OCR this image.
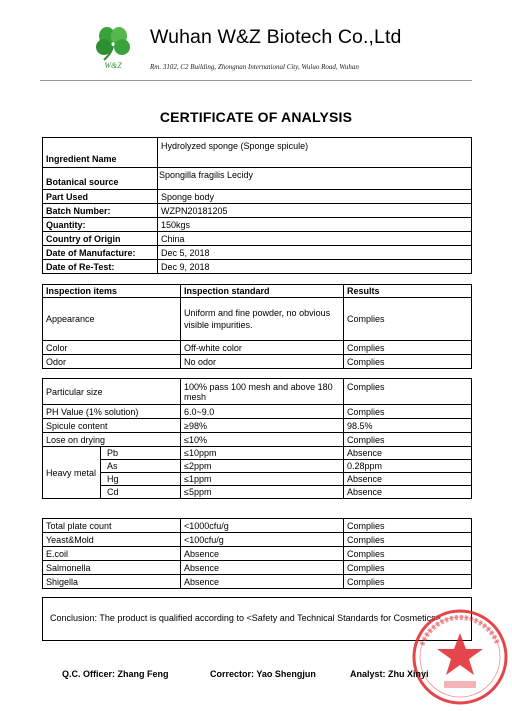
W&Z
Wuhan W&Z Biotech Co.,Ltd
Rm. 3102, C2 Building, Zhongnan International City, Wuluo Road, Wuhan
CERTIFICATE OF ANALYSIS
Ingredient Name	Hydrolyzed sponge (Sponge spicule)
Botanical source	Spongilla fragilis Lecidy
Part Used	Sponge body
Batch Number:	WZPN20181205
Quantity:	150kgs
Country of Origin	China
Date of Manufacture:	Dec 5, 2018
Date of Re-Test:	Dec 9, 2018
Inspection items	Inspection standard	Results
Appearance	Uniform and fine powder, no obvious visible impurities.	Complies
Color	Off-white color	Complies
Odor	No odor	Complies
Particular size		100% pass 100 mesh and above 180 mesh	Complies
PH Value (1% solution)		6.0~9.0	Complies
Spicule content		≥98%	98.5%
Lose on drying		≤10%	Complies
Heavy metal	Pb	≤10ppm	Absence
	As	≤2ppm	0.28ppm
	Hg	≤1ppm	Absence
	Cd	≤5ppm	Absence
Total plate count	<1000cfu/g	Complies
Yeast&Mold	<100cfu/g	Complies
E.coil	Absence	Complies
Salmonella	Absence	Complies
Shigella	Absence	Complies
Conclusion: The product is qualified according to <Safety and Technical Standards for Cosmetics>
Q.C. Officer: Zhang Feng	Corrector: Yao Shengjun	Analyst: Zhu Xinyi
